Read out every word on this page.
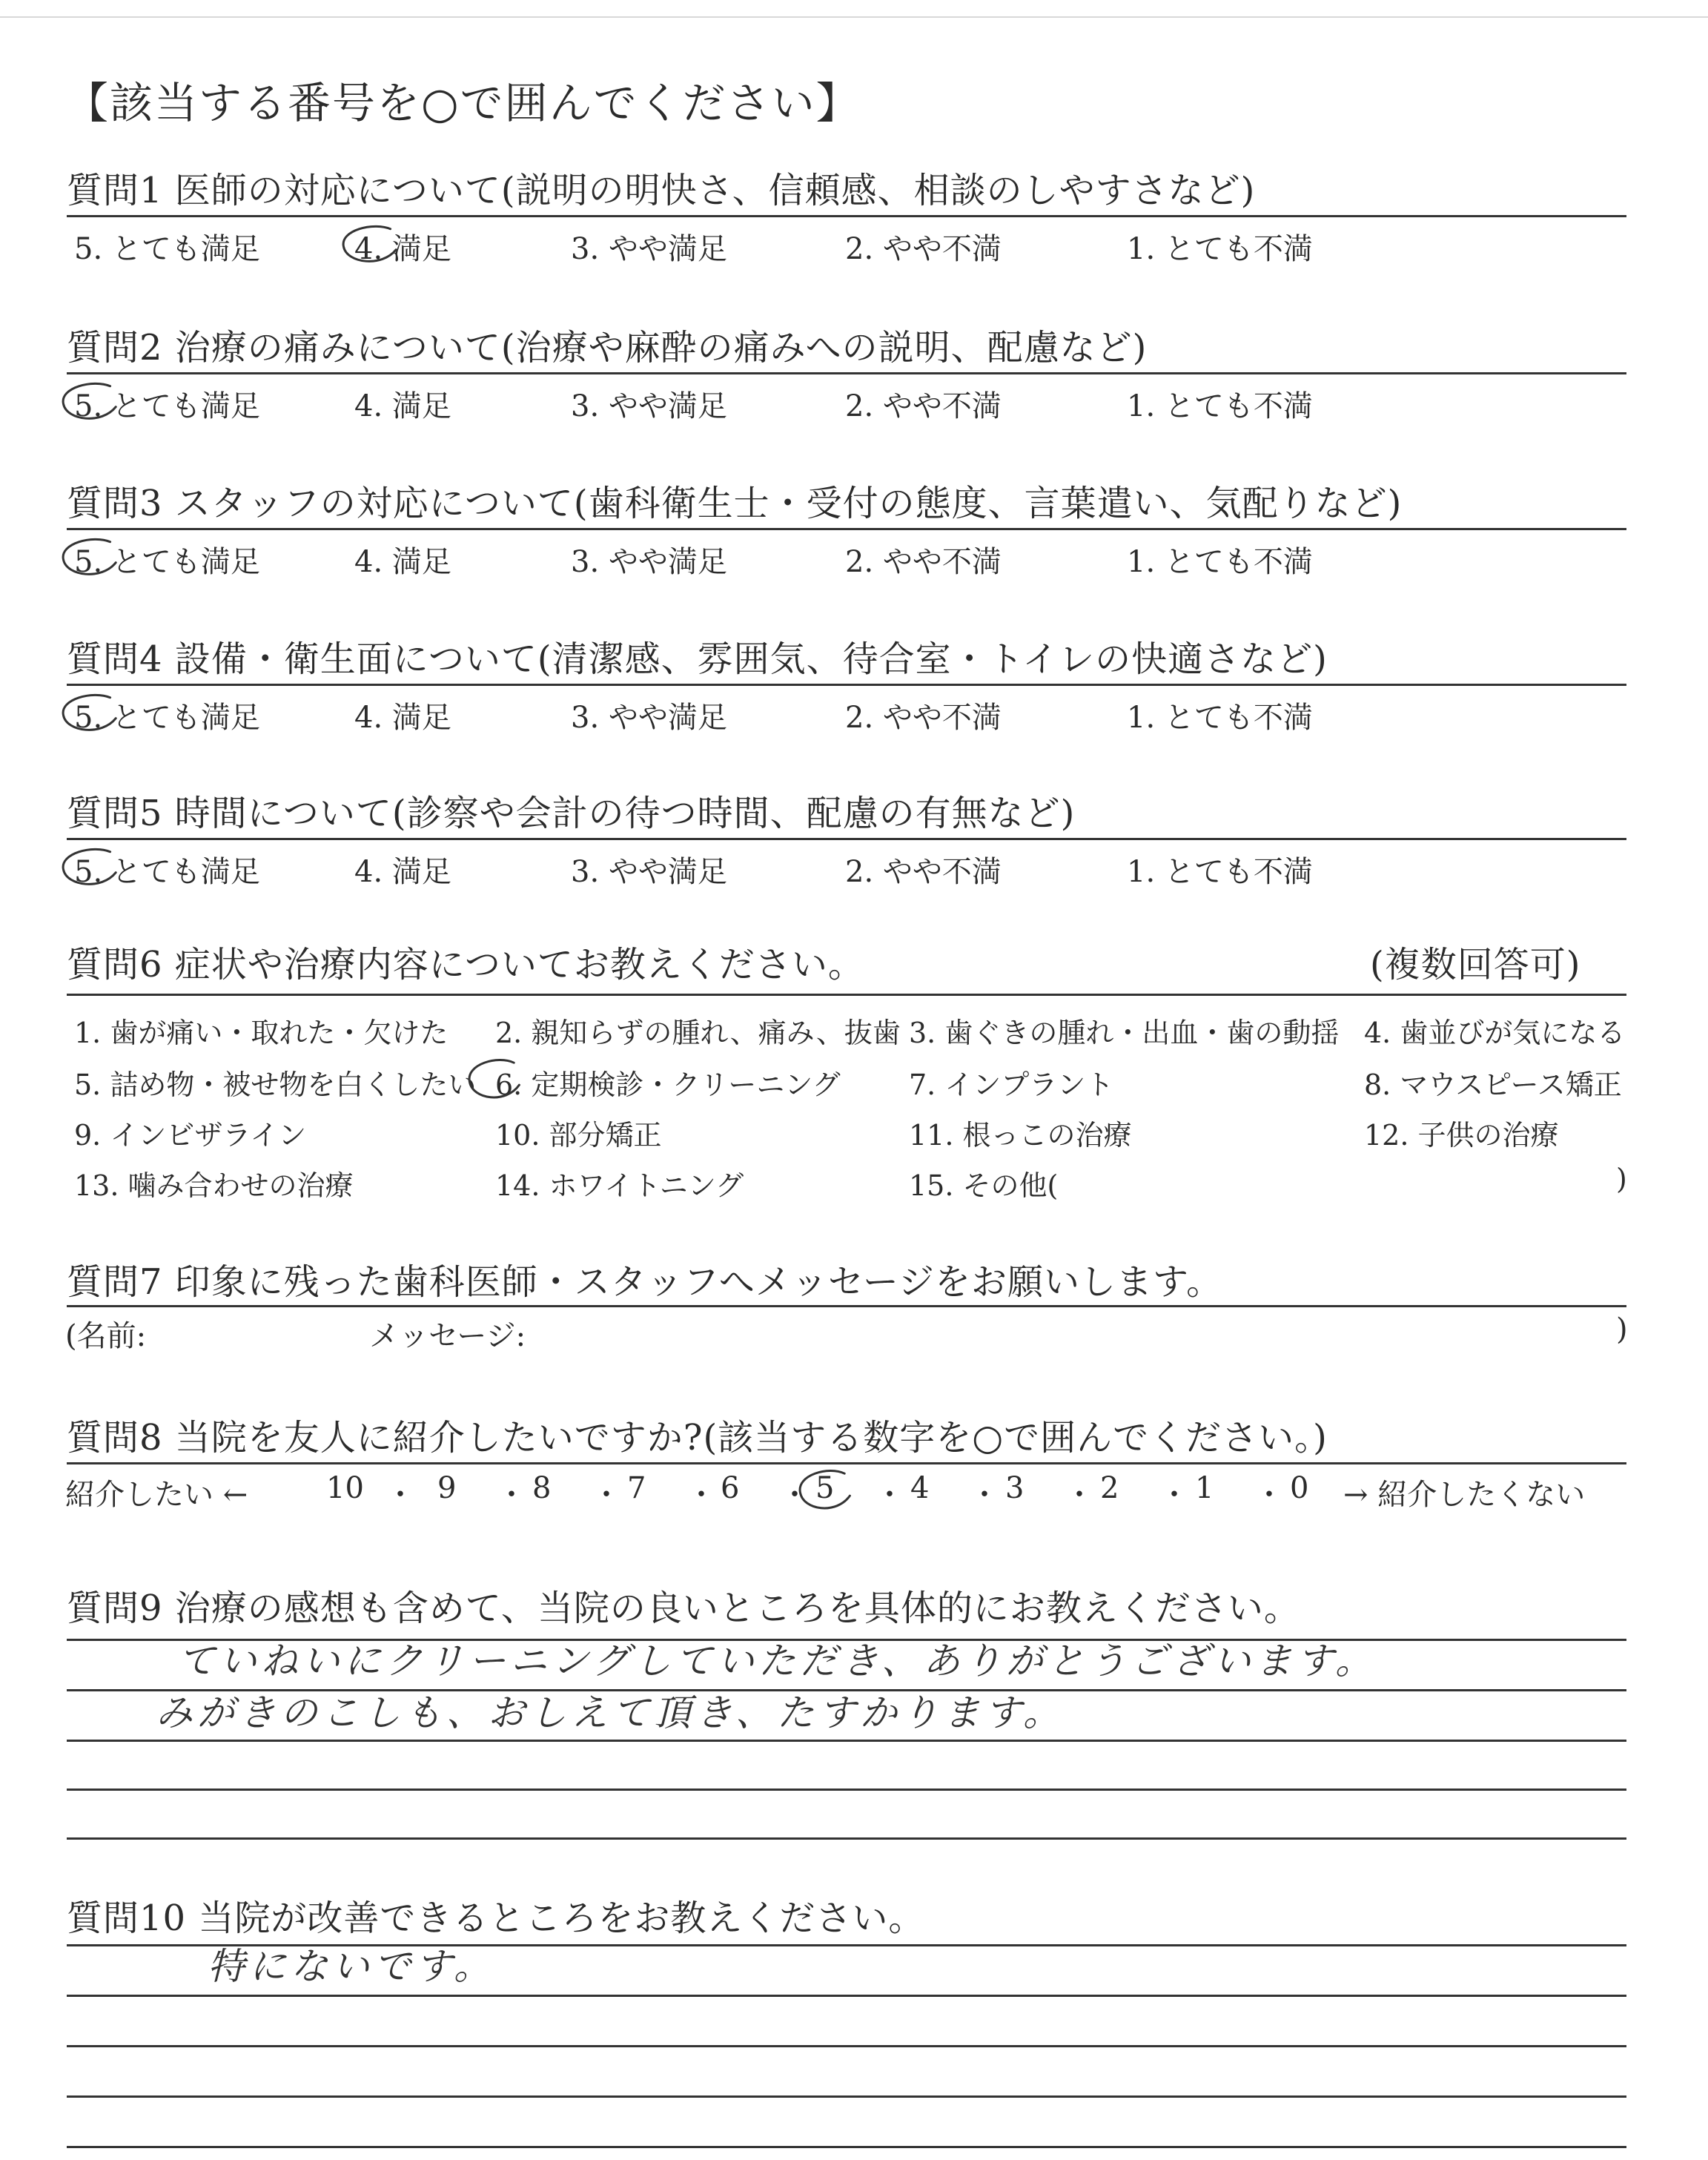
【該当する番号を○で囲んでください】
質問6 症状や治療内容についてお教えください。	(複数回答可)
質問7 印象に残った歯科医師・スタッフへメッセージをお願いします。
(名前:	メッセージ:	)
質問8 当院を友人に紹介したいですか?(該当する数字を○で囲んでください。)
紹介したい ←	→ 紹介したくない
質問9 治療の感想も含めて、当院の良いところを具体的にお教えください。
ていねいにクリーニングしていただき、ありがとうございます。
みがきのこしも、おしえて頂き、たすかります。
質問10 当院が改善できるところをお教えください。
特にないです。
質問1 医師の対応について(説明の明快さ、信頼感、相談のしやすさなど)
5. とても満足	4. 満足	3. やや満足	2. やや不満	1. とても不満
質問2 治療の痛みについて(治療や麻酔の痛みへの説明、配慮など)
5. とても満足	4. 満足	3. やや満足	2. やや不満	1. とても不満
質問3 スタッフの対応について(歯科衛生士・受付の態度、言葉遣い、気配りなど)
5. とても満足	4. 満足	3. やや満足	2. やや不満	1. とても不満
質問4 設備・衛生面について(清潔感、雰囲気、待合室・トイレの快適さなど)
5. とても満足	4. 満足	3. やや満足	2. やや不満	1. とても不満
質問5 時間について(診察や会計の待つ時間、配慮の有無など)
5. とても満足	4. 満足	3. やや満足	2. やや不満	1. とても不満
1. 歯が痛い・取れた・欠けた 2. 親知らずの腫れ、痛み、抜歯 3. 歯ぐきの腫れ・出血・歯の動揺 4. 歯並びが気になる
5. 詰め物・被せ物を白くしたい 6. 定期検診・クリーニング 7. インプラント	8. マウスピース矯正
9. インビザライン	10. 部分矯正	11. 根っこの治療	12. 子供の治療
13. 噛み合わせの治療	14. ホワイトニング	15. その他(	)
10 ・ 9 ・ 8 ・ 7 ・ 6 ・ 5 ・ 4 ・ 3 ・ 2 ・ 1 ・ 0
